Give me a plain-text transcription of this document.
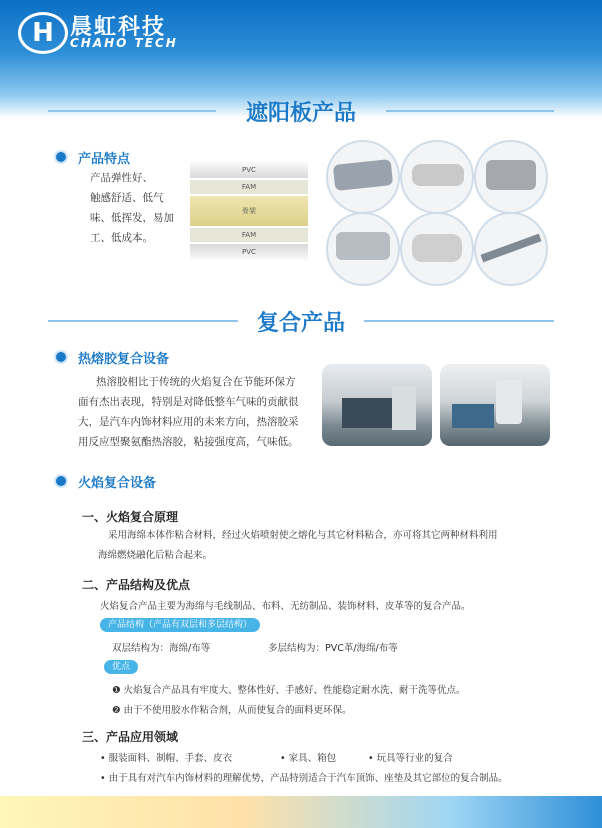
H 晨虹科技
CHAHO TECH
遮阳板产品
产品特点
产品弹性好、
触感舒适、低气
味、低挥发，易加
工、低成本。
PVC
FAM
骨架
FAM
PVC
复合产品
热熔胶复合设备
热溶胶相比于传统的火焰复合在节能环保方
面有杰出表现，特别是对降低整车气味的贡献很
大，是汽车内饰材料应用的未来方向，热溶胶采
用反应型聚氨酯热溶胶，粘接强度高，气味低。
火焰复合设备
一、火焰复合原理
采用海绵本体作粘合材料，经过火焰喷射使之熔化与其它材料粘合，亦可将其它两种材料利用
海绵燃烧融化后粘合起来。
二、产品结构及优点
火焰复合产品主要为海绵与毛线制品、布料、无纺制品、装饰材料、皮革等的复合产品。
产品结构（产品有双层和多层结构）
双层结构为：海绵/布等	多层结构为：PVC革/海绵/布等
优点
❶ 火焰复合产品具有牢度大、整体性好、手感好、性能稳定耐水洗、耐干洗等优点。
❷ 由于不使用胶水作粘合剂，从而使复合的面料更环保。
三、产品应用领域
• 服装面料、制帽、手套、皮衣	• 家具、箱包	• 玩具等行业的复合
• 由于具有对汽车内饰材料的理解优势，产品特别适合于汽车顶饰、座垫及其它部位的复合制品。
